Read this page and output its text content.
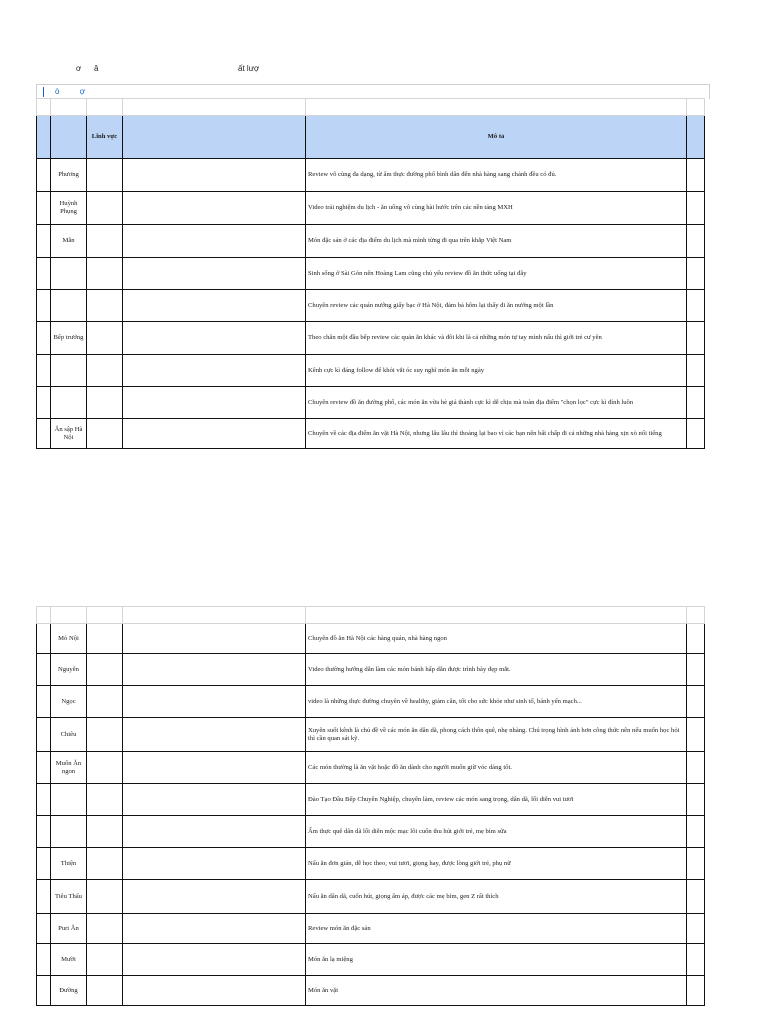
ơ â	ất lượ
ò	ợ

		Lĩnh vực		Mô tả	
	Phương			Review vô cùng đa dạng, từ ẩm thực đường phố bình dân đến nhà hàng sang chảnh đều có đủ.	
	Huỳnh Phụng			Video trải nghiệm du lịch - ăn uống vô cùng hài hước trên các nền tảng MXH	
	Mẫn			Món đặc sản ở các địa điểm du lịch mà mình từng đi qua trên khắp Việt Nam	
				Sinh sống ở Sài Gòn nên Hoàng Lam cũng chủ yếu review đồ ăn thức uống tại đây	
				Chuyên review các quán nướng giấy bạc ở Hà Nội, đảm bả hôm lại thấy đi ăn nướng một lần	
	Bếp trưởng			Theo chân một đầu bếp review các quán ăn khác và đôi khi là cả những món tự tay mình nấu thì giới trẻ cư yên	
				Kênh cực kì đáng follow để khỏi vắt óc suy nghĩ món ăn mỗi ngày	
				Chuyên review đồ ăn đường phố, các món ăn vừa hè giá thành cực kì dễ chịu mà toàn địa điểm "chọn lọc" cực kì đỉnh luôn	
	Ăn sập Hà Nội			Chuyên về các địa điểm ăn vặt Hà Nội, nhưng lâu lâu thì thoảng lại bao vì các bạn nên bất chấp đi cả những nhà hàng xịn xò nổi tiếng	

	Mò Nội			Chuyên đồ ăn Hà Nội các hàng quán, nhà hàng ngon	
	Nguyễn			Video thường hướng dẫn làm các món bánh hấp dẫn được trình bày đẹp mắt.	
	Ngọc			video là những thực đường chuyên về healthy, giảm cân, tốt cho sức khỏe như sinh tố, bánh yến mạch...	
	Chiêu			Xuyên suốt kênh là chủ đề về các món ăn dân dã, phong cách thôn quê, nhẹ nhàng. Chú trọng hình ảnh hơn công thức nên nếu muốn học hỏi thì cần quan sát kỹ.	
	Muốn Ăn ngon			Các món thường là ăn vặt hoặc đồ ăn dành cho người muốn giữ vóc dáng tốt.	
				Đào Tạo Đầu Bếp Chuyên Nghiệp, chuyên làm, review các món sang trọng, dân dã, lối diễn vui tươi	
				Ẩm thực quê dân dã lối diễn mộc mạc lôi cuốn thu hút giới trẻ, mẹ bỉm sữa	
	Thiện			Nấu ăn đơn giản, dễ học theo, vui tươi, giọng hay, được lòng giới trẻ, phụ nữ	
	Tiêu Thấu			Nấu ăn dân dã, cuốn hút, giọng ấm áp, được các mẹ bỉm, gen Z rất thích	
	Puri Ăn			Review món ăn đặc sản	
	Mười			Món ăn lạ miệng	
	Đường			Món ăn vặt	
